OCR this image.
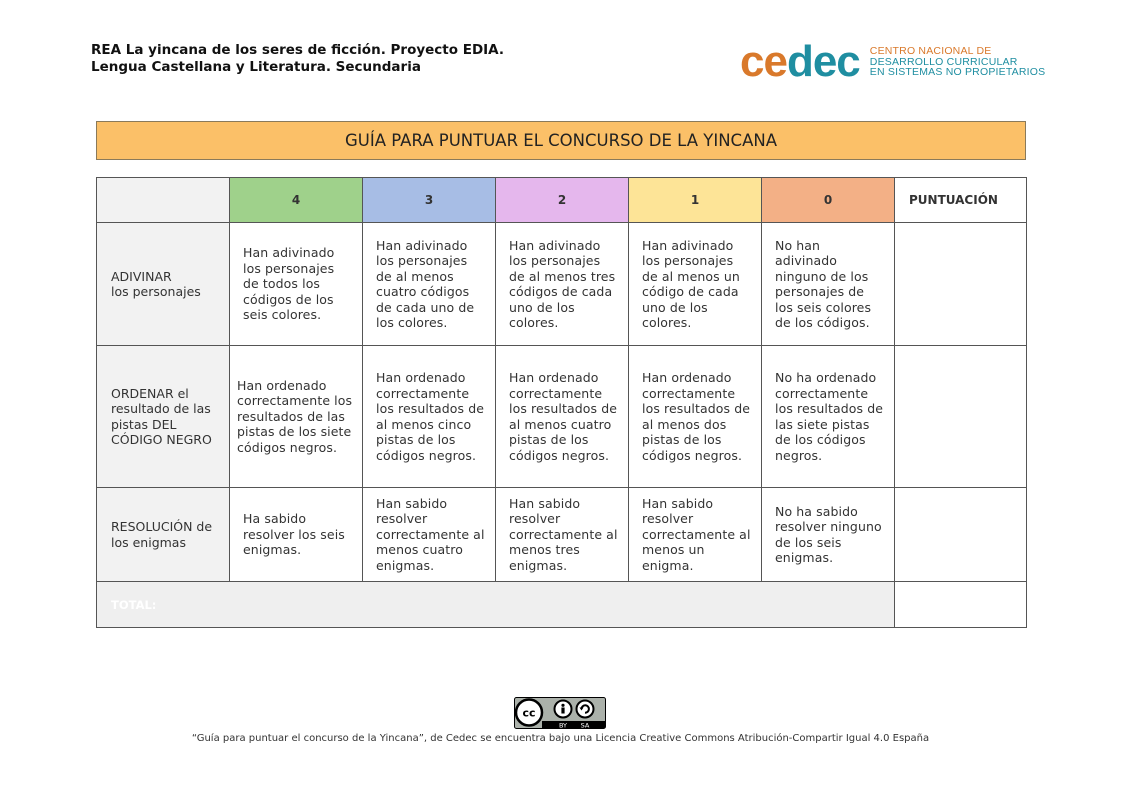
REA La yincana de los seres de ficción. Proyecto EDIA.
Lengua Castellana y Literatura. Secundaria	cedec CENTRO NACIONAL DE
DESARROLLO CURRICULAR
EN SISTEMAS NO PROPIETARIOS
GUÍA PARA PUNTUAR EL CONCURSO DE LA YINCANA
	4	3	2	1	0	PUNTUACIÓN
ADIVINAR
los personajes	Han adivinado los personajes de todos los códigos de los seis colores.	Han adivinado los personajes de al menos cuatro códigos de cada uno de los colores.	Han adivinado los personajes de al menos tres códigos de cada uno de los colores.	Han adivinado los personajes de al menos un código de cada uno de los colores.	No han adivinado ninguno de los personajes de los seis colores de los códigos.	
ORDENAR el resultado de las pistas DEL CÓDIGO NEGRO	Han ordenado correctamente los resultados de las pistas de los siete códigos negros.	Han ordenado correctamente los resultados de al menos cinco pistas de los códigos negros.	Han ordenado correctamente los resultados de al menos cuatro pistas de los códigos negros.	Han ordenado correctamente los resultados de al menos dos pistas de los códigos negros.	No ha ordenado correctamente los resultados de las siete pistas de los códigos negros.	
RESOLUCIÓN de los enigmas	Ha sabido resolver los seis enigmas.	Han sabido resolver correctamente al menos cuatro enigmas.	Han sabido resolver correctamente al menos tres enigmas.	Han sabido resolver correctamente al menos un enigma.	No ha sabido resolver ninguno de los seis enigmas.	
TOTAL:						
cc
BY SA
“Guía para puntuar el concurso de la Yincana”, de Cedec se encuentra bajo una Licencia Creative Commons Atribución-Compartir Igual 4.0 España
